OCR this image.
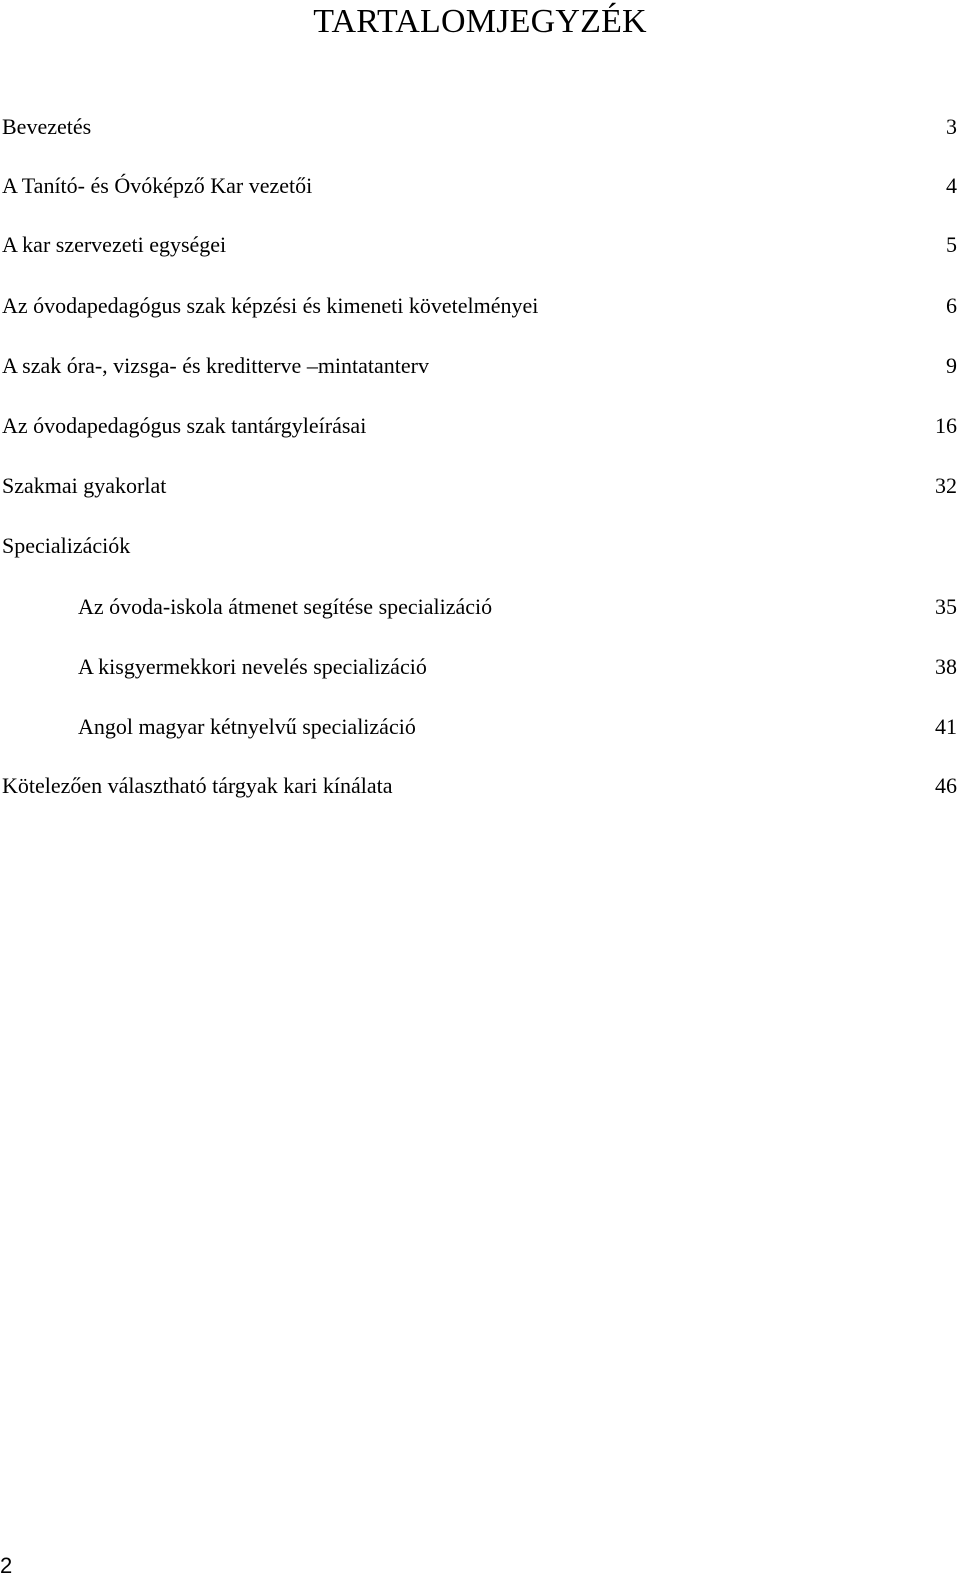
TARTALOMJEGYZÉK
Bevezetés	3
A Tanító- és Óvóképző Kar vezetői	4
A kar szervezeti egységei	5
Az óvodapedagógus szak képzési és kimeneti követelményei	6
A szak óra-, vizsga- és kreditterve –mintatanterv	9
Az óvodapedagógus szak tantárgyleírásai	16
Szakmai gyakorlat	32
Specializációk
Az óvoda-iskola átmenet segítése specializáció	35
A kisgyermekkori nevelés specializáció	38
Angol magyar kétnyelvű specializáció	41
Kötelezően választható tárgyak kari kínálata	46
2
